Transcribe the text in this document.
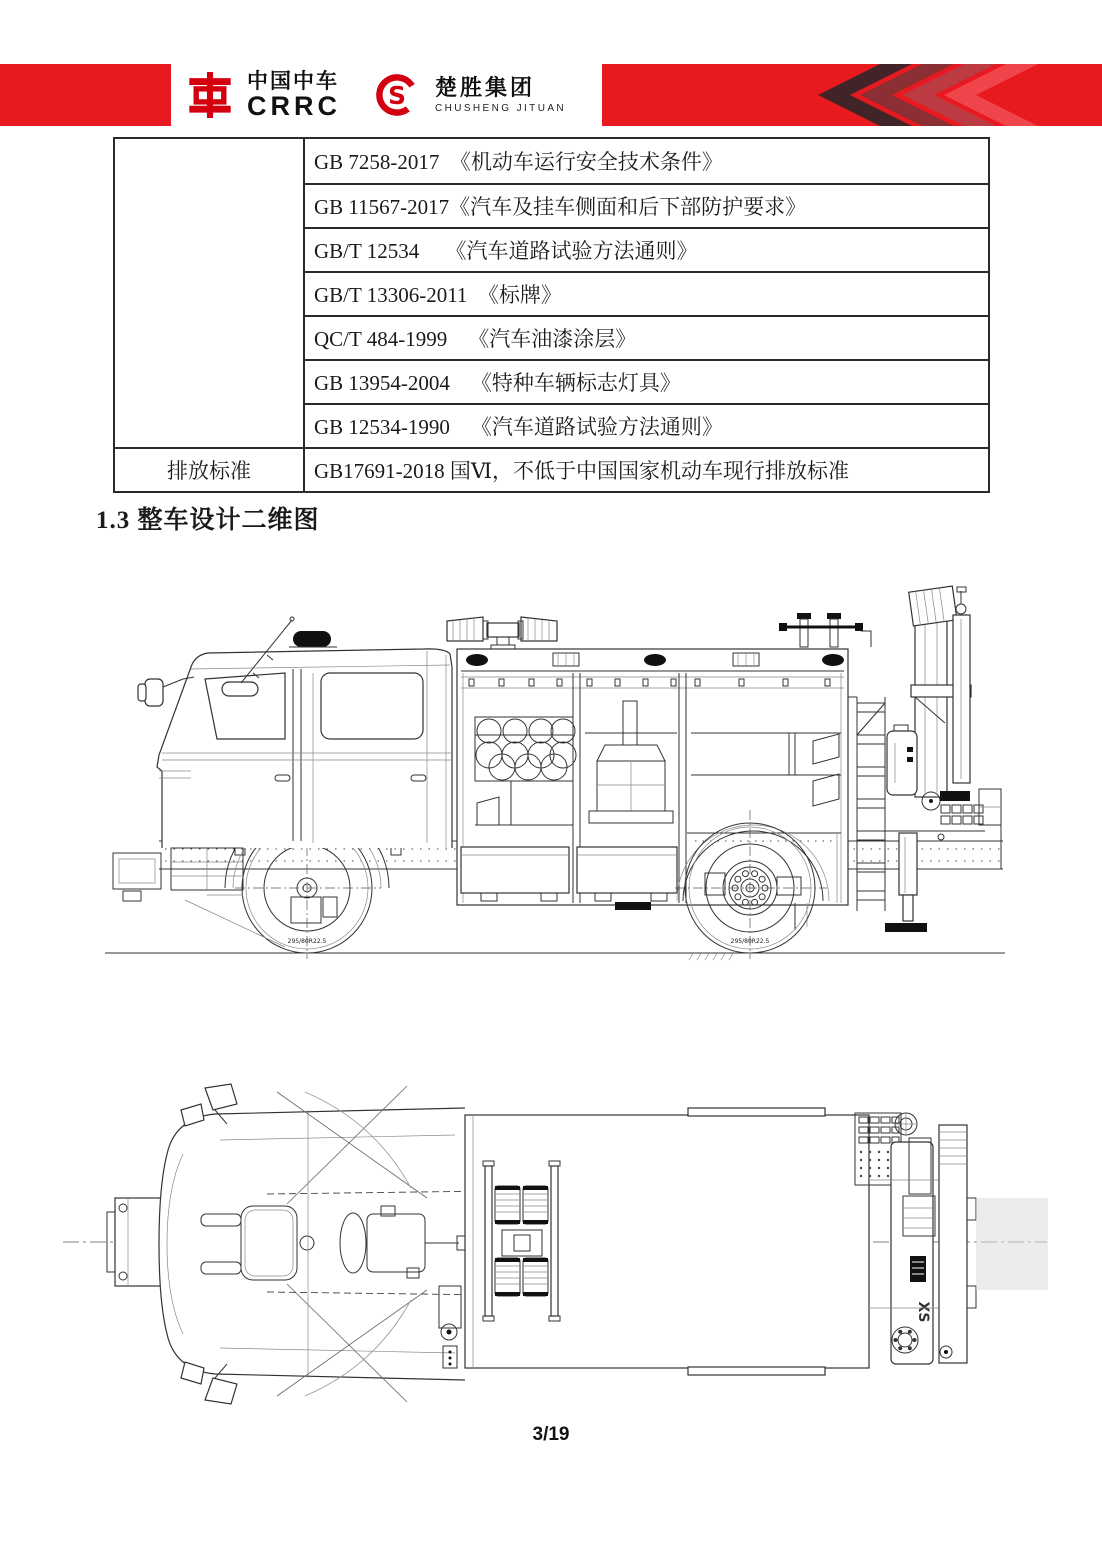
中国中车
CRRC S 楚胜集团
CHUSHENG JITUAN
GB 7258-2017  《机动车运行安全技术条件》
GB 11567-2017《汽车及挂车侧面和后下部防护要求》
GB/T 12534     《汽车道路试验方法通则》
GB/T 13306-2011  《标牌》
QC/T 484-1999    《汽车油漆涂层》
GB 13954-2004    《特种车辆标志灯具》
GB 12534-1990    《汽车道路试验方法通则》
排放标准	GB17691-2018 国Ⅵ，不低于中国国家机动车现行排放标准
1.3 整车设计二维图
295/80R22.5	295/80R22.5
XS
3/19
